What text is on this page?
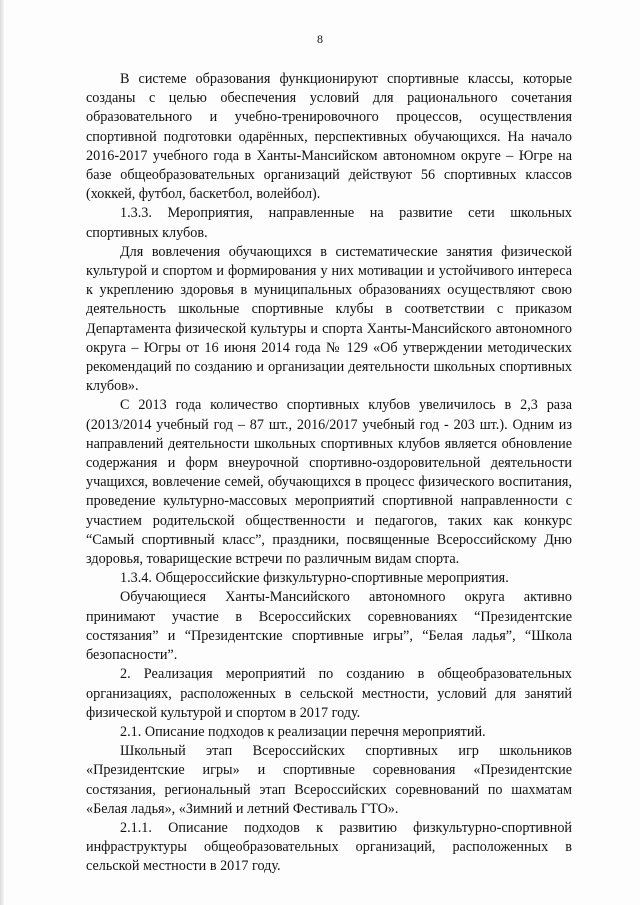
8

В системе образования функционируют спортивные классы, которые созданы с целью обеспечения условий для рационального сочетания образовательного и учебно-тренировочного процессов, осуществления спортивной подготовки одарённых, перспективных обучающихся. На начало 2016-2017 учебного года в Ханты-Мансийском автономном округе – Югре на базе общеобразовательных организаций действуют 56 спортивных классов (хоккей, футбол, баскетбол, волейбол).

1.3.3. Мероприятия, направленные на развитие сети школьных спортивных клубов.

Для вовлечения обучающихся в систематические занятия физической культурой и спортом и формирования у них мотивации и устойчивого интереса к укреплению здоровья в муниципальных образованиях осуществляют свою деятельность школьные спортивные клубы в соответствии с приказом Департамента физической культуры и спорта Ханты-Мансийского автономного округа – Югры от 16 июня 2014 года № 129 «Об утверждении методических рекомендаций по созданию и организации деятельности школьных спортивных клубов».

С 2013 года количество спортивных клубов увеличилось в 2,3 раза (2013/2014 учебный год – 87 шт., 2016/2017 учебный год - 203 шт.). Одним из направлений деятельности школьных спортивных клубов является обновление содержания и форм внеурочной спортивно-оздоровительной деятельности учащихся, вовлечение семей, обучающихся в процесс физического воспитания, проведение культурно-массовых мероприятий спортивной направленности с участием родительской общественности и педагогов, таких как конкурс “Самый спортивный класс”, праздники, посвященные Всероссийскому Дню здоровья, товарищеские встречи по различным видам спорта.

1.3.4. Общероссийские физкультурно-спортивные мероприятия.

Обучающиеся Ханты-Мансийского автономного округа активно принимают участие в Всероссийских соревнованиях “Президентские состязания” и “Президентские спортивные игры”, “Белая ладья”, “Школа безопасности”.

2. Реализация мероприятий по созданию в общеобразовательных организациях, расположенных в сельской местности, условий для занятий физической культурой и спортом в 2017 году.

2.1. Описание подходов к реализации перечня мероприятий.

Школьный этап Всероссийских спортивных игр школьников «Президентские игры» и спортивные соревнования «Президентские состязания, региональный этап Всероссийских соревнований по шахматам «Белая ладья», «Зимний и летний Фестиваль ГТО».

2.1.1. Описание подходов к развитию физкультурно-спортивной инфраструктуры общеобразовательных организаций, расположенных в сельской местности в 2017 году.
